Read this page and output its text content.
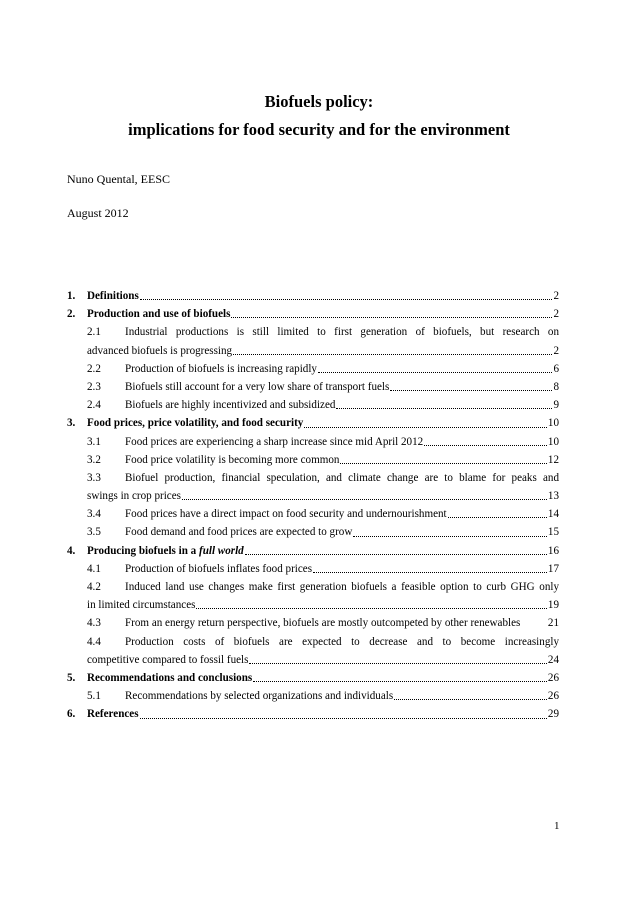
Biofuels policy:
implications for food security and for the environment
Nuno Quental, EESC
August 2012
1.	Definitions	2
2.	Production and use of biofuels	2
2.1 Industrial productions is still limited to first generation of biofuels, but research on
advanced biofuels is progressing	2
2.2	Production of biofuels is increasing rapidly	6
2.3	Biofuels still account for a very low share of transport fuels	8
2.4	Biofuels are highly incentivized and subsidized	9
3.	Food prices, price volatility, and food security	10
3.1	Food prices are experiencing a sharp increase since mid April 2012	10
3.2	Food price volatility is becoming more common	12
3.3 Biofuel production, financial speculation, and climate change are to blame for peaks and
swings in crop prices	13
3.4	Food prices have a direct impact on food security and undernourishment	14
3.5	Food demand and food prices are expected to grow	15
4.	Producing biofuels in a full world	16
4.1	Production of biofuels inflates food prices	17
4.2 Induced land use changes make first generation biofuels a feasible option to curb GHG only
in limited circumstances	19
4.3	From an energy return perspective, biofuels are mostly outcompeted by other renewables 21
4.4 Production costs of biofuels are expected to decrease and to become increasingly
competitive compared to fossil fuels	24
5.	Recommendations and conclusions	26
5.1	Recommendations by selected organizations and individuals	26
6.	References	29
1
